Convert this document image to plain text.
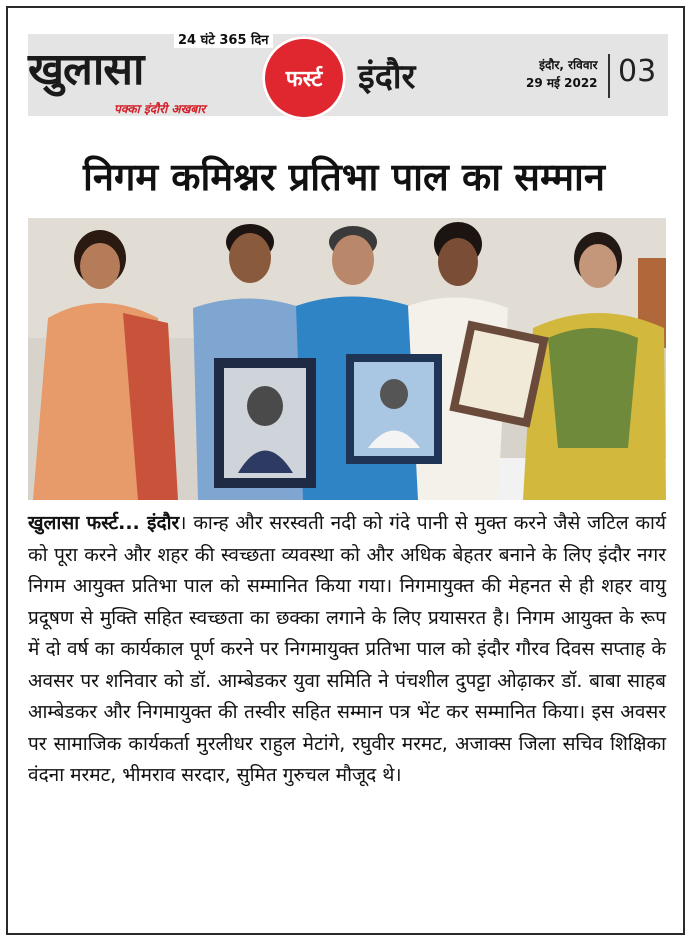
खुलासा
24 घंटे 365 दिन
पक्का इंदौरी अखबार
फर्स्ट	इंदौर	इंदौर, रविवार
29 मई 2022 03
निगम कमिश्नर प्रतिभा पाल का सम्मान
खुलासा फर्स्ट... इंदौर। कान्ह और सरस्वती नदी को गंदे पानी से मुक्त करने जैसे जटिल कार्य को पूरा करने और शहर की स्वच्छता व्यवस्था को और अधिक बेहतर बनाने के लिए इंदौर नगर निगम आयुक्त प्रतिभा पाल को सम्मानित किया गया। निगमायुक्त की मेहनत से ही शहर वायु प्रदूषण से मुक्ति सहित स्वच्छता का छक्का लगाने के लिए प्रयासरत है। निगम आयुक्त के रूप में दो वर्ष का कार्यकाल पूर्ण करने पर निगमायुक्त प्रतिभा पाल को इंदौर गौरव दिवस सप्ताह के अवसर पर शनिवार को डॉ. आम्बेडकर युवा समिति ने पंचशील दुपट्टा ओढ़ाकर डॉ. बाबा साहब आम्बेडकर और निगमायुक्त की तस्वीर सहित सम्मान पत्र भेंट कर सम्मानित किया। इस अवसर पर सामाजिक कार्यकर्ता मुरलीधर राहुल मेटांगे, रघुवीर मरमट, अजाक्स जिला सचिव शिक्षिका वंदना मरमट, भीमराव सरदार, सुमित गुरुचल मौजूद थे।
